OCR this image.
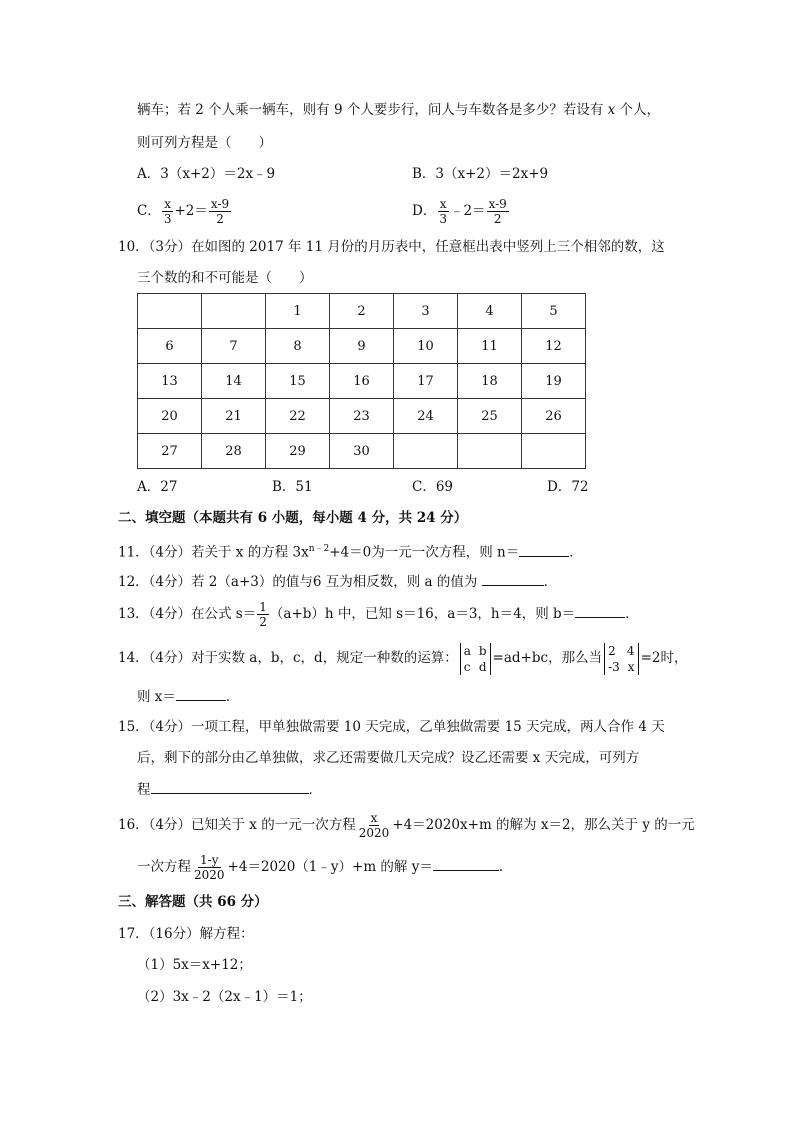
辆车；若 2 个人乘一辆车，则有 9 个人要步行，问人与车数各是多少？若设有 x 个人，
则可列方程是（　　）
A．3（x+2）＝2x﹣9	B．3（x+2）＝2x+9
C． $\frac{x}{3} +2= \frac{x-9}{2}$	D． $\frac{x}{3}$ ﹣2＝ $\frac{x-9}{2}$
10．（3分）在如图的 2017 年 11 月份的月历表中，任意框出表中竖列上三个相邻的数，这
三个数的和不可能是（　　）
		1	2	3	4	5
6	7	8	9	10	11	12
13	14	15	16	17	18	19
20	21	22	23	24	25	26
27	28	29	30			
A．27	B．51	C．69	D．72
二、填空题（本题共有 6 小题，每小题 4 分，共 24 分）
11．（4分）若关于 x 的方程 $3x^{n﹣2}+4=0$为一元一次方程，则 n＝	．
12．（4分）若 2（a+3）的值与6 互为相反数，则 a 的值为	．
13．（4分）在公式 $s= \frac{1}{2} (a+b)h$ 中，已知 s＝16，a＝3，h＝4，则 b＝	．
14．（4分）对于实数 a，b，c，d，规定一种数的运算： a b
c d
=ad+bc，那么当 2 4
-3 x
=2时，
则 x＝	．
15．（4分）一项工程，甲单独做需要 10 天完成，乙单独做需要 15 天完成，两人合作 4 天
后，剩下的部分由乙单独做，求乙还需要做几天完成？设乙还需要 x 天完成，可列方
程	．
16．（4分）已知关于 x 的一元一次方程 $\frac{x}{2020} +4=2020x+m$ 的解为 x＝2，那么关于 y 的一元
一次方程 $\frac{1-y}{2020}$ +4＝2020（1﹣y）+m 的解 y＝	．
三、解答题（共 66 分）
17．（16分）解方程：
（1）5x＝x+12；
（2）3x﹣2（2x﹣1）＝1；
